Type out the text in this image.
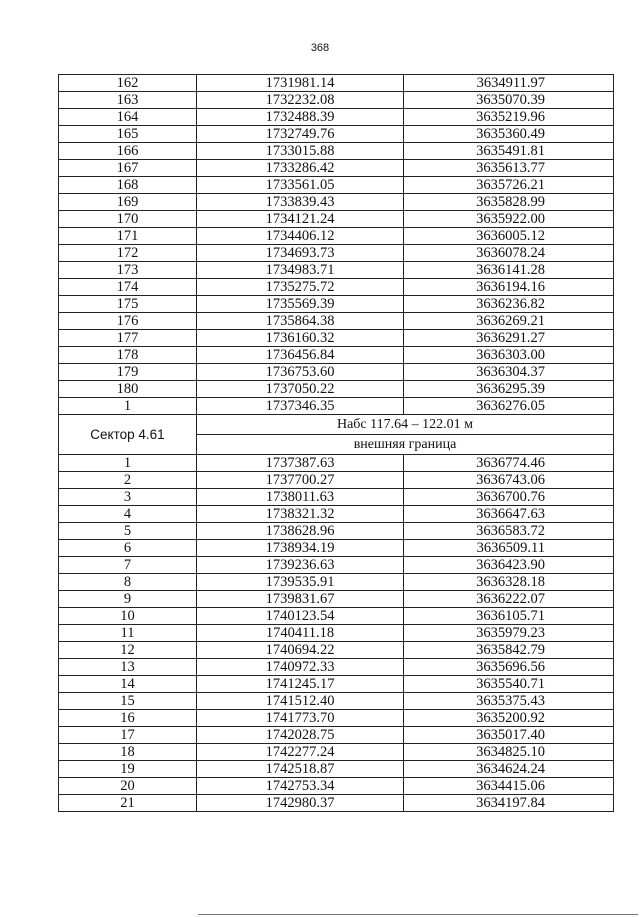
368
162	1731981.14	3634911.97
163	1732232.08	3635070.39
164	1732488.39	3635219.96
165	1732749.76	3635360.49
166	1733015.88	3635491.81
167	1733286.42	3635613.77
168	1733561.05	3635726.21
169	1733839.43	3635828.99
170	1734121.24	3635922.00
171	1734406.12	3636005.12
172	1734693.73	3636078.24
173	1734983.71	3636141.28
174	1735275.72	3636194.16
175	1735569.39	3636236.82
176	1735864.38	3636269.21
177	1736160.32	3636291.27
178	1736456.84	3636303.00
179	1736753.60	3636304.37
180	1737050.22	3636295.39
1	1737346.35	3636276.05
Сектор 4.61	Набс 117.64 – 122.01 м	
	внешняя граница	
1	1737387.63	3636774.46
2	1737700.27	3636743.06
3	1738011.63	3636700.76
4	1738321.32	3636647.63
5	1738628.96	3636583.72
6	1738934.19	3636509.11
7	1739236.63	3636423.90
8	1739535.91	3636328.18
9	1739831.67	3636222.07
10	1740123.54	3636105.71
11	1740411.18	3635979.23
12	1740694.22	3635842.79
13	1740972.33	3635696.56
14	1741245.17	3635540.71
15	1741512.40	3635375.43
16	1741773.70	3635200.92
17	1742028.75	3635017.40
18	1742277.24	3634825.10
19	1742518.87	3634624.24
20	1742753.34	3634415.06
21	1742980.37	3634197.84
